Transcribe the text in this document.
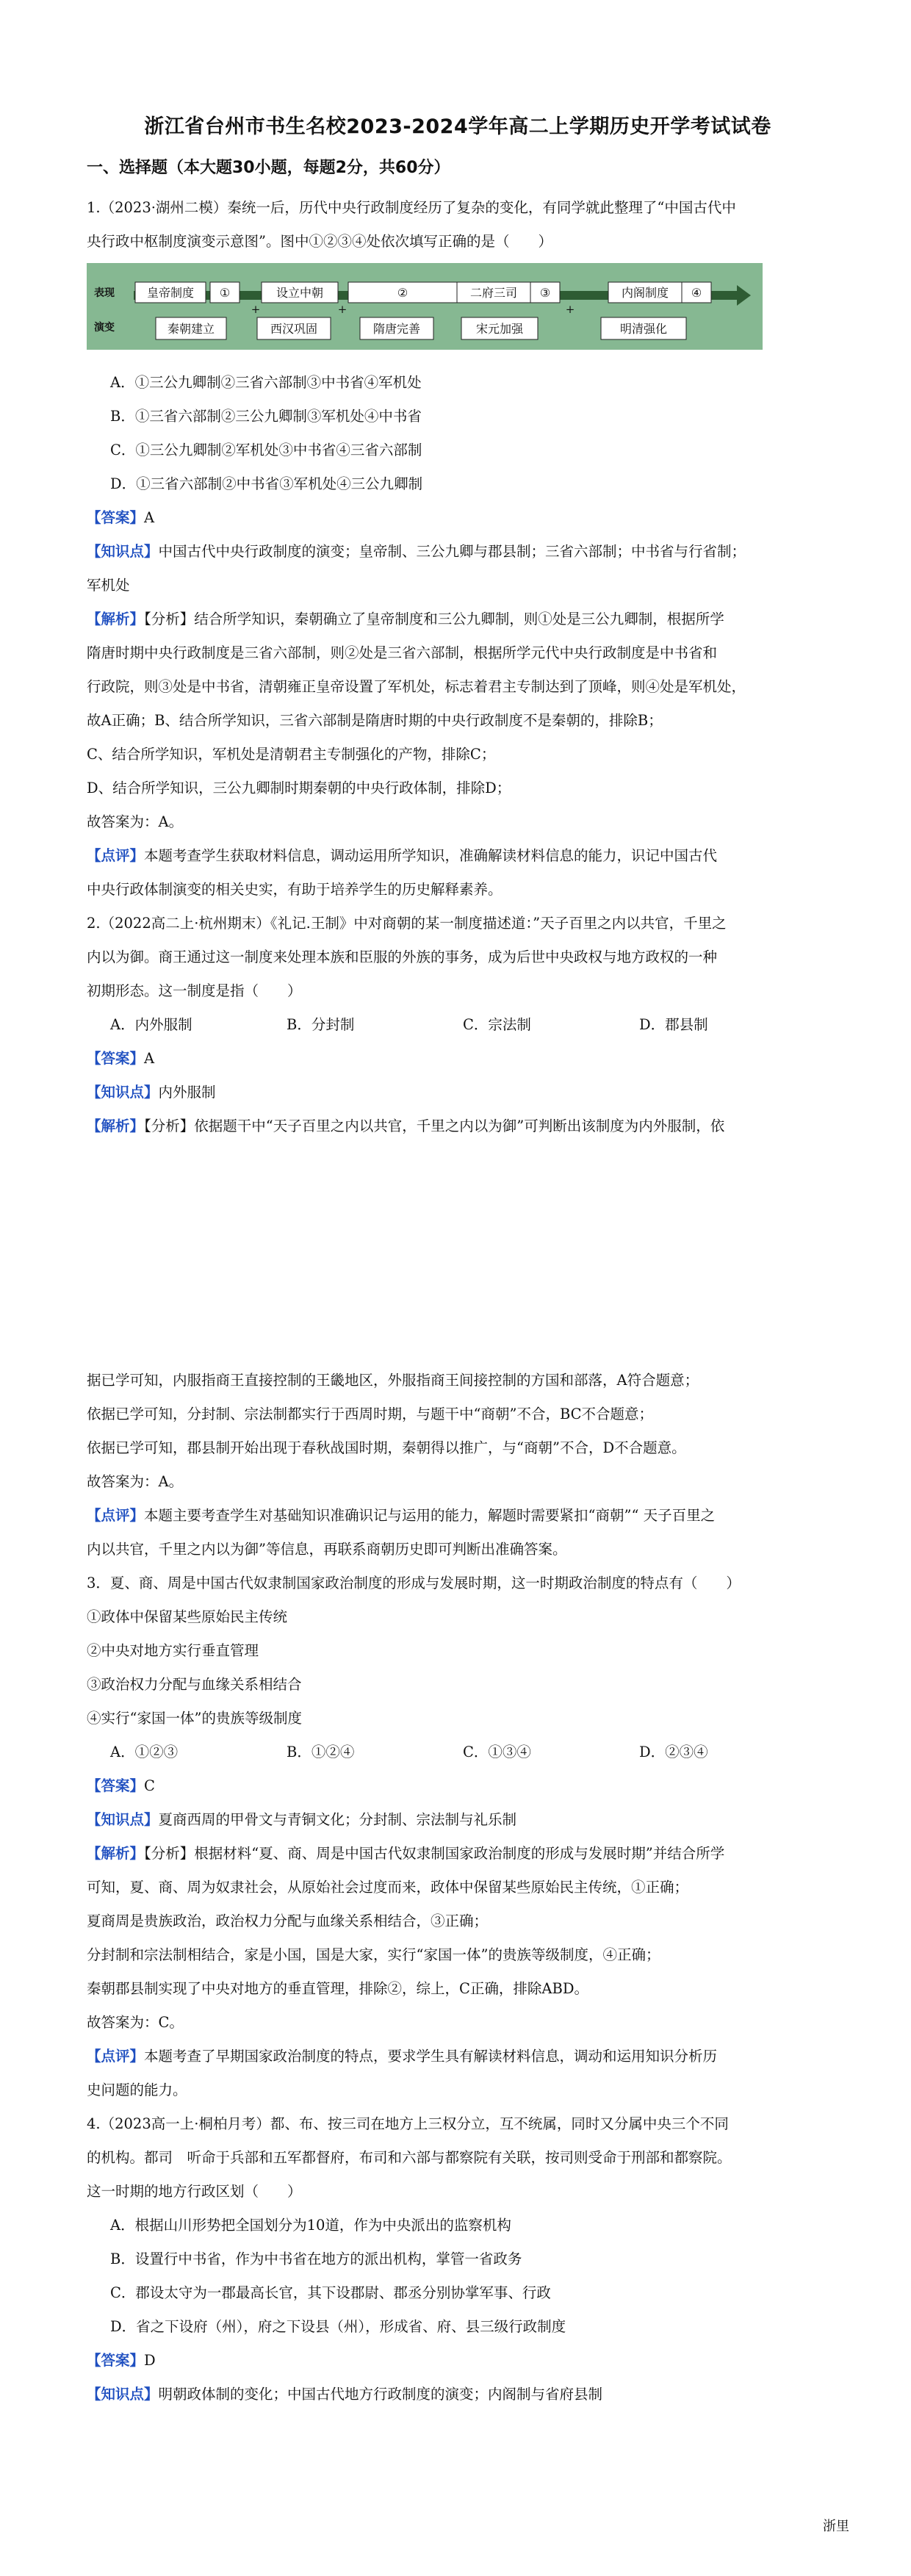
浙江省台州市书生名校2023-2024学年高二上学期历史开学考试试卷
一、选择题（本大题30小题，每题2分，共60分）

1.（2023·湖州二模）秦统一后，历代中央行政制度经历了复杂的变化，有同学就此整理了“中国古代中

央行政中枢制度演变示意图”。图中①②③④处依次填写正确的是（　　）

表现
演变
皇帝制度 ①	设立中朝	②	二府三司 ③	内阁制度 ④
+	+	+
秦朝建立	西汉巩固	隋唐完善	宋元加强	明清强化

A．①三公九卿制②三省六部制③中书省④军机处

B．①三省六部制②三公九卿制③军机处④中书省

C．①三公九卿制②军机处③中书省④三省六部制

D．①三省六部制②中书省③军机处④三公九卿制

【答案】A

【知识点】中国古代中央行政制度的演变；皇帝制、三公九卿与郡县制；三省六部制；中书省与行省制；

军机处

【解析】【分析】结合所学知识，秦朝确立了皇帝制度和三公九卿制，则①处是三公九卿制，根据所学

隋唐时期中央行政制度是三省六部制，则②处是三省六部制，根据所学元代中央行政制度是中书省和

行政院，则③处是中书省，清朝雍正皇帝设置了军机处，标志着君主专制达到了顶峰，则④处是军机处，

故A正确；B、结合所学知识，三省六部制是隋唐时期的中央行政制度不是秦朝的，排除B；

C、结合所学知识，军机处是清朝君主专制强化的产物，排除C；

D、结合所学知识，三公九卿制时期秦朝的中央行政体制，排除D；

故答案为：A。

【点评】本题考查学生获取材料信息，调动运用所学知识，准确解读材料信息的能力，识记中国古代

中央行政体制演变的相关史实，有助于培养学生的历史解释素养。

2.（2022高二上·杭州期末）《礼记.王制》中对商朝的某一制度描述道：”天子百里之内以共官，千里之

内以为御。商王通过这一制度来处理本族和臣服的外族的事务，成为后世中央政权与地方政权的一种

初期形态。这一制度是指（　　）

A．内外服制	B．分封制	C．宗法制	D．郡县制

【答案】A

【知识点】内外服制

【解析】【分析】依据题干中“天子百里之内以共官，千里之内以为御”可判断出该制度为内外服制，依

据已学可知，内服指商王直接控制的王畿地区，外服指商王间接控制的方国和部落，A符合题意；

依据已学可知，分封制、宗法制都实行于西周时期，与题干中“商朝”不合，BC不合题意；

依据已学可知，郡县制开始出现于春秋战国时期，秦朝得以推广，与“商朝”不合，D不合题意。

故答案为：A。

【点评】本题主要考查学生对基础知识准确识记与运用的能力，解题时需要紧扣“商朝”“ 天子百里之

内以共官，千里之内以为御”等信息，再联系商朝历史即可判断出准确答案。

3．夏、商、周是中国古代奴隶制国家政治制度的形成与发展时期，这一时期政治制度的特点有（　　）

①政体中保留某些原始民主传统

②中央对地方实行垂直管理

③政治权力分配与血缘关系相结合

④实行“家国一体”的贵族等级制度

A．①②③	B．①②④	C．①③④	D．②③④

【答案】C

【知识点】夏商西周的甲骨文与青铜文化；分封制、宗法制与礼乐制

【解析】【分析】根据材料“夏、商、周是中国古代奴隶制国家政治制度的形成与发展时期”并结合所学

可知，夏、商、周为奴隶社会，从原始社会过度而来，政体中保留某些原始民主传统，①正确；

夏商周是贵族政治，政治权力分配与血缘关系相结合，③正确；

分封制和宗法制相结合，家是小国，国是大家，实行“家国一体”的贵族等级制度，④正确；

秦朝郡县制实现了中央对地方的垂直管理，排除②，综上，C正确，排除ABD。

故答案为：C。

【点评】本题考查了早期国家政治制度的特点，要求学生具有解读材料信息，调动和运用知识分析历

史问题的能力。

4.（2023高一上·桐柏月考）都、布、按三司在地方上三权分立，互不统属，同时又分属中央三个不同

的机构。都司　听命于兵部和五军都督府，布司和六部与都察院有关联，按司则受命于刑部和都察院。

这一时期的地方行政区划（　　）

A．根据山川形势把全国划分为10道，作为中央派出的监察机构

B．设置行中书省，作为中书省在地方的派出机构，掌管一省政务

C．郡设太守为一郡最高长官，其下设郡尉、郡丞分别协掌军事、行政

D．省之下设府（州），府之下设县（州），形成省、府、县三级行政制度

【答案】D

【知识点】明朝政体制的变化；中国古代地方行政制度的演变；内阁制与省府县制

浙里
